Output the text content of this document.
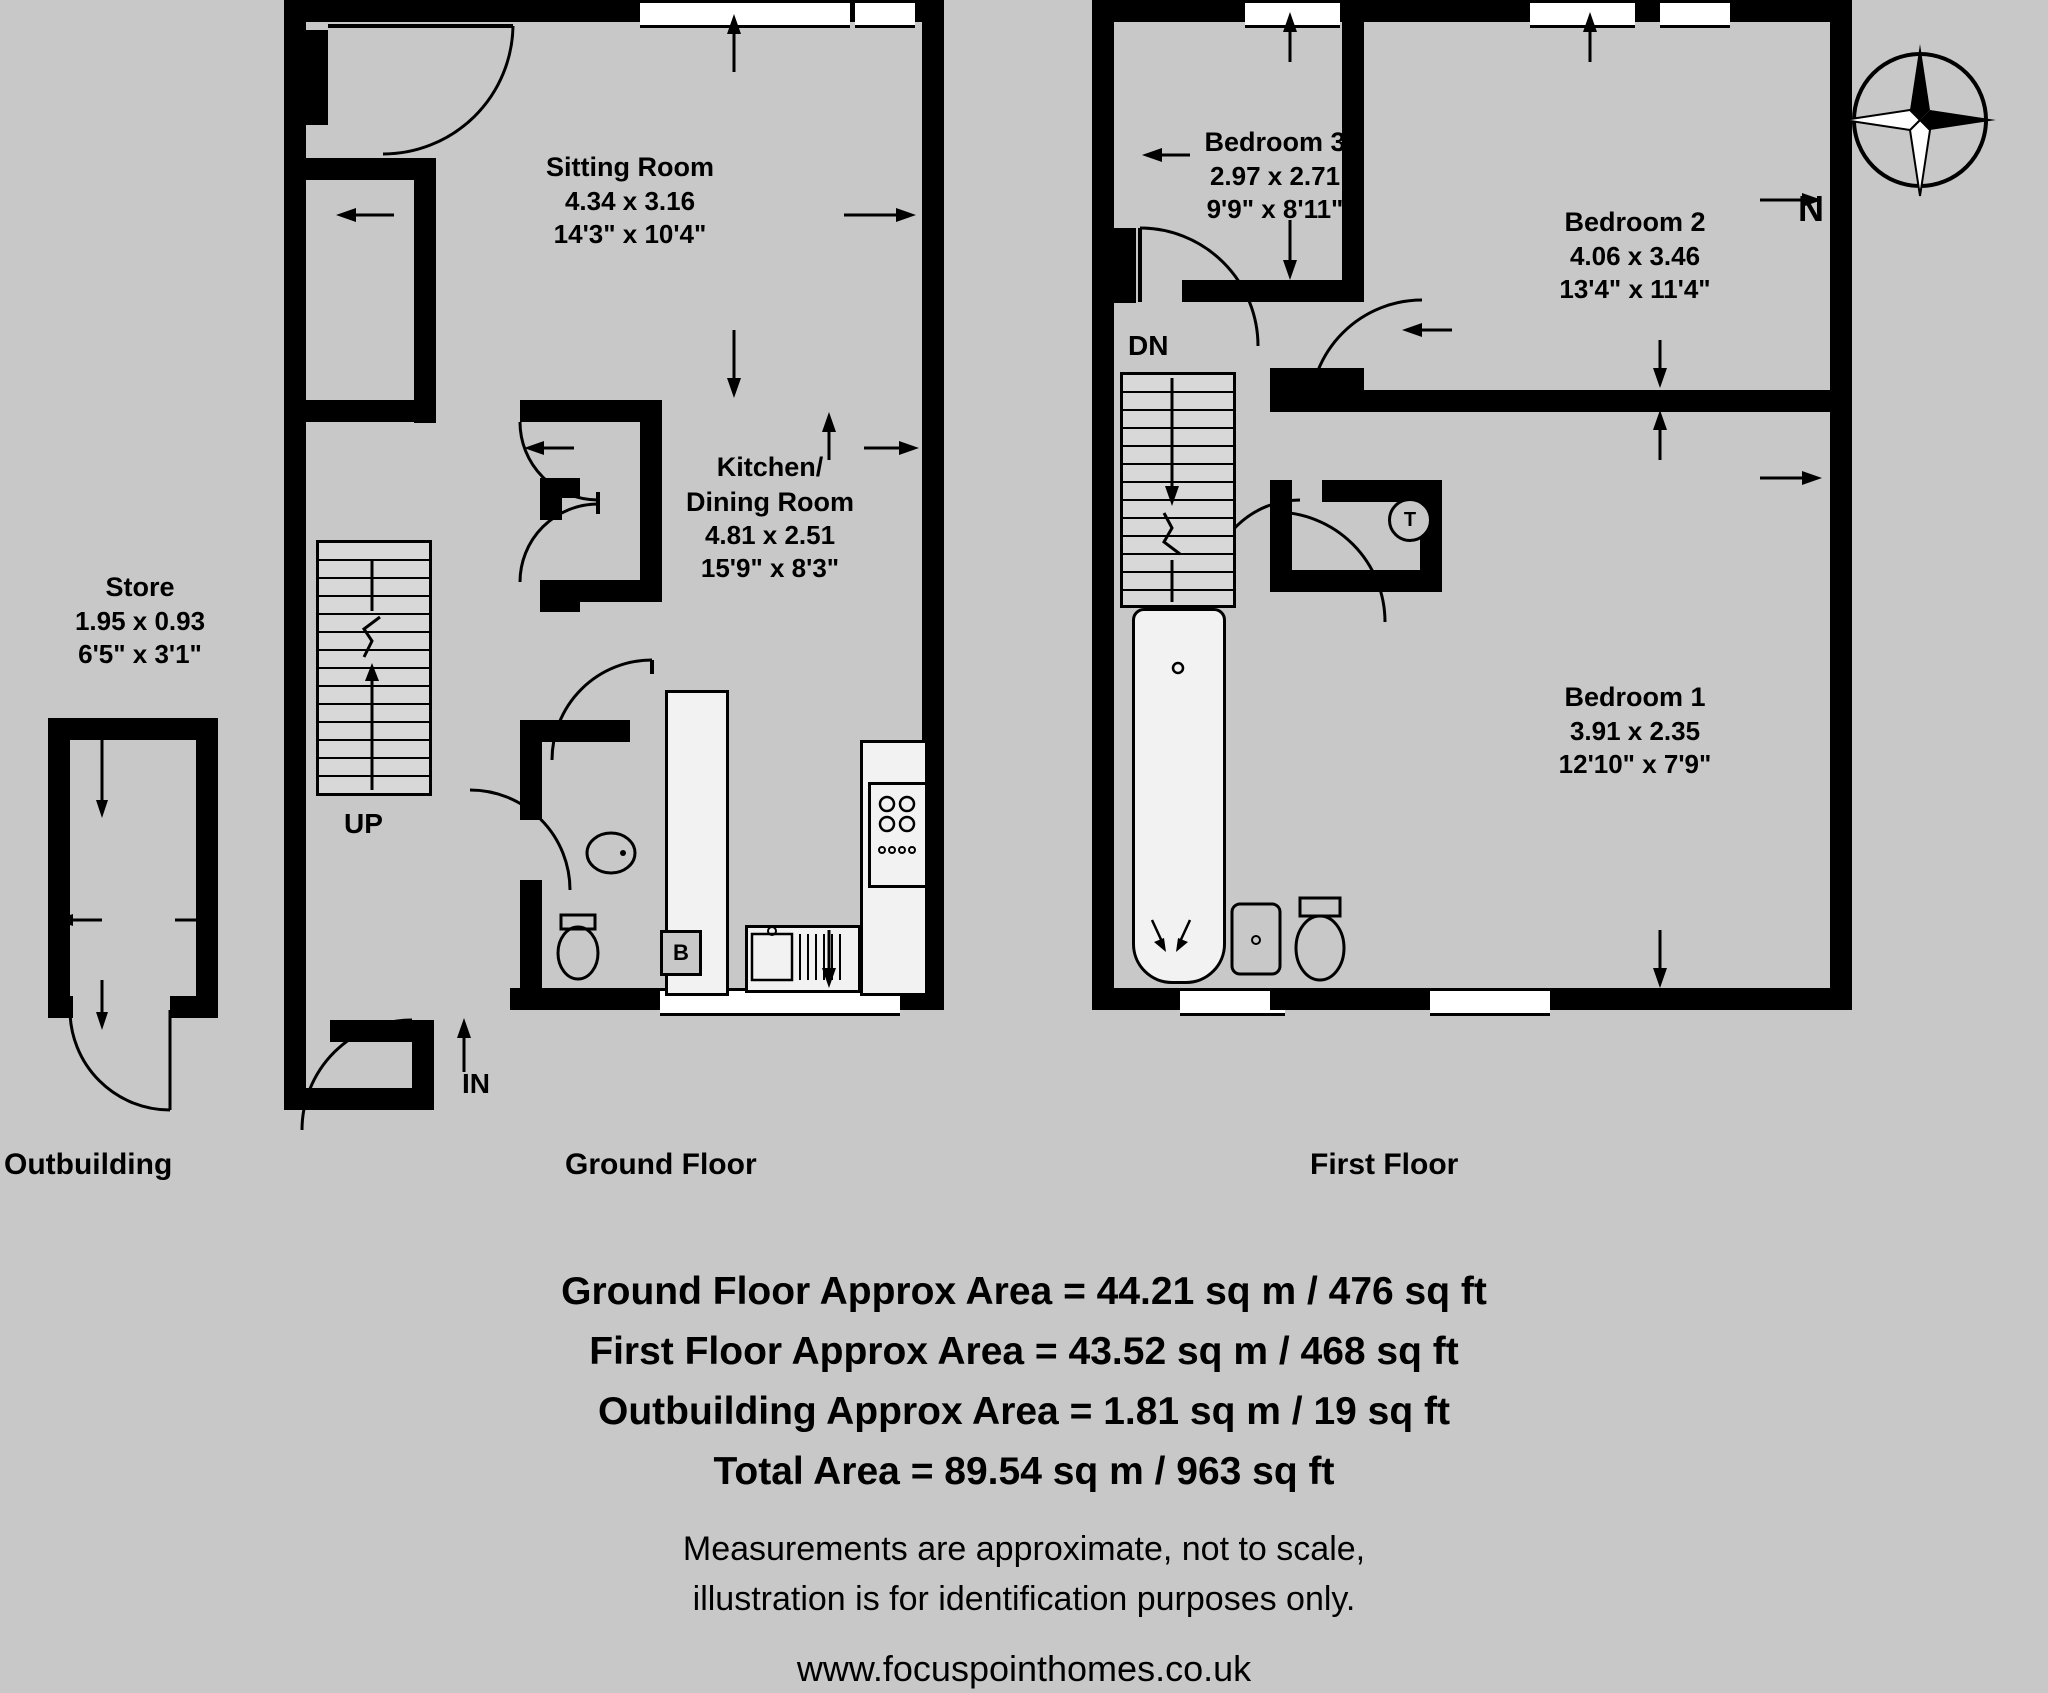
Store
1.95 x 0.93
6'5" x 3'1"
Outbuilding
UP
B
Sitting Room
4.34 x 3.16
14'3" x 10'4"
Kitchen/
Dining Room
4.81 x 2.51
15'9" x 8'3"
IN
Ground Floor
DN
T
Bedroom 3
2.97 x 2.71
9'9" x 8'11"	Bedroom 2
4.06 x 3.46
13'4" x 11'4"
Bedroom 1
3.91 x 2.35
12'10" x 7'9"
First Floor
N
Ground Floor Approx Area = 44.21 sq m / 476 sq ft
First Floor Approx Area = 43.52 sq m / 468 sq ft
Outbuilding Approx Area = 1.81 sq m / 19 sq ft
Total Area = 89.54 sq m / 963 sq ft
Measurements are approximate, not to scale,
illustration is for identification purposes only.
www.focuspointhomes.co.uk
